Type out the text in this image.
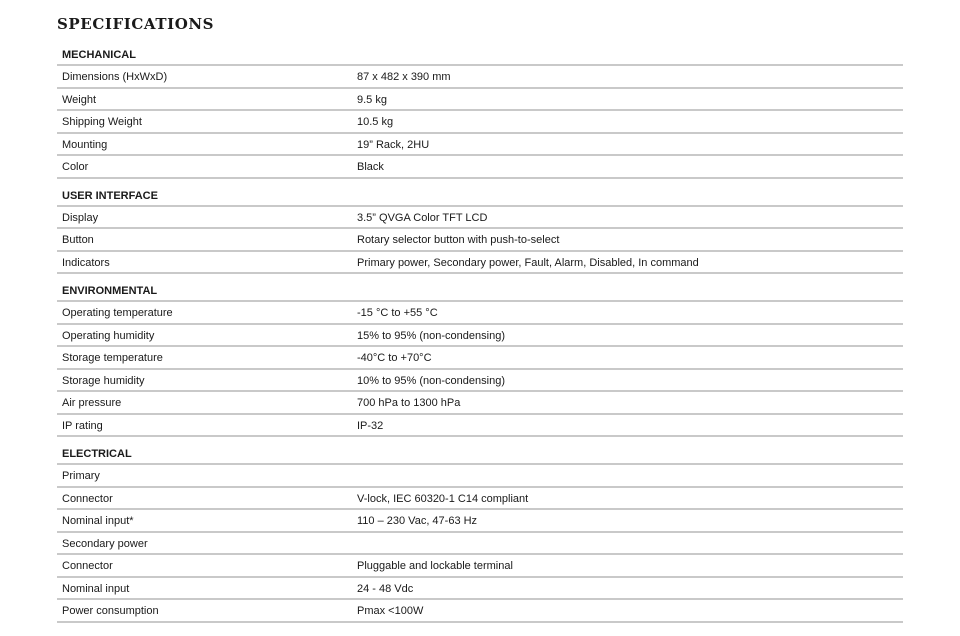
SPECIFICATIONS
MECHANICAL
Dimensions (HxWxD)	87 x 482 x 390 mm
Weight	9.5 kg
Shipping Weight	10.5 kg
Mounting	19” Rack, 2HU
Color	Black
USER INTERFACE
Display	3.5” QVGA Color TFT LCD
Button	Rotary selector button with push-to-select
Indicators	Primary power, Secondary power, Fault, Alarm, Disabled, In command
ENVIRONMENTAL
Operating temperature	-15 °C to +55 °C
Operating humidity	15% to 95% (non-condensing)
Storage temperature	-40°C to +70°C
Storage humidity	10% to 95% (non-condensing)
Air pressure	700 hPa to 1300 hPa
IP rating	IP-32
ELECTRICAL
Primary
Connector	V-lock, IEC 60320-1 C14 compliant
Nominal input*	110 – 230 Vac, 47-63 Hz
Secondary power
Connector	Pluggable and lockable terminal
Nominal input	24 - 48 Vdc
Power consumption	Pmax <100W
